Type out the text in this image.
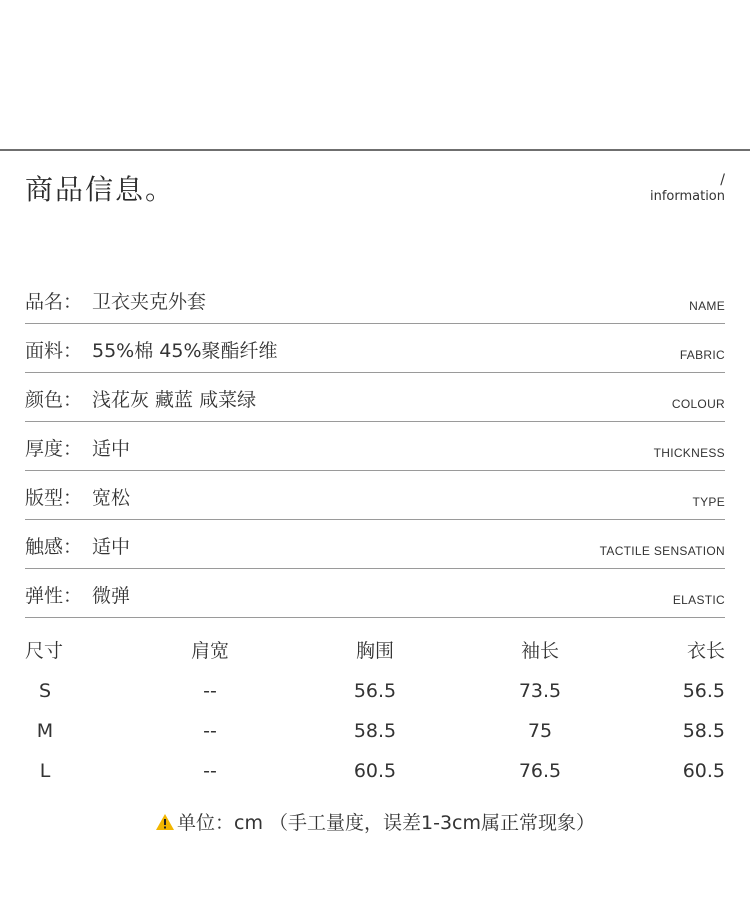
商品信息。	/
information
品名： 卫衣夹克外套	NAME
面料： 55%棉 45%聚酯纤维	FABRIC
颜色： 浅花灰 藏蓝 咸菜绿	COLOUR
厚度： 适中	THICKNESS
版型： 宽松	TYPE
触感： 适中	TACTILE SENSATION
弹性： 微弹	ELASTIC
尺寸	肩宽	胸围	袖长	衣长
S	--	56.5	73.5	56.5
M	--	58.5	75	58.5
L	--	60.5	76.5	60.5
单位：cm （手工量度，误差1-3cm属正常现象）
